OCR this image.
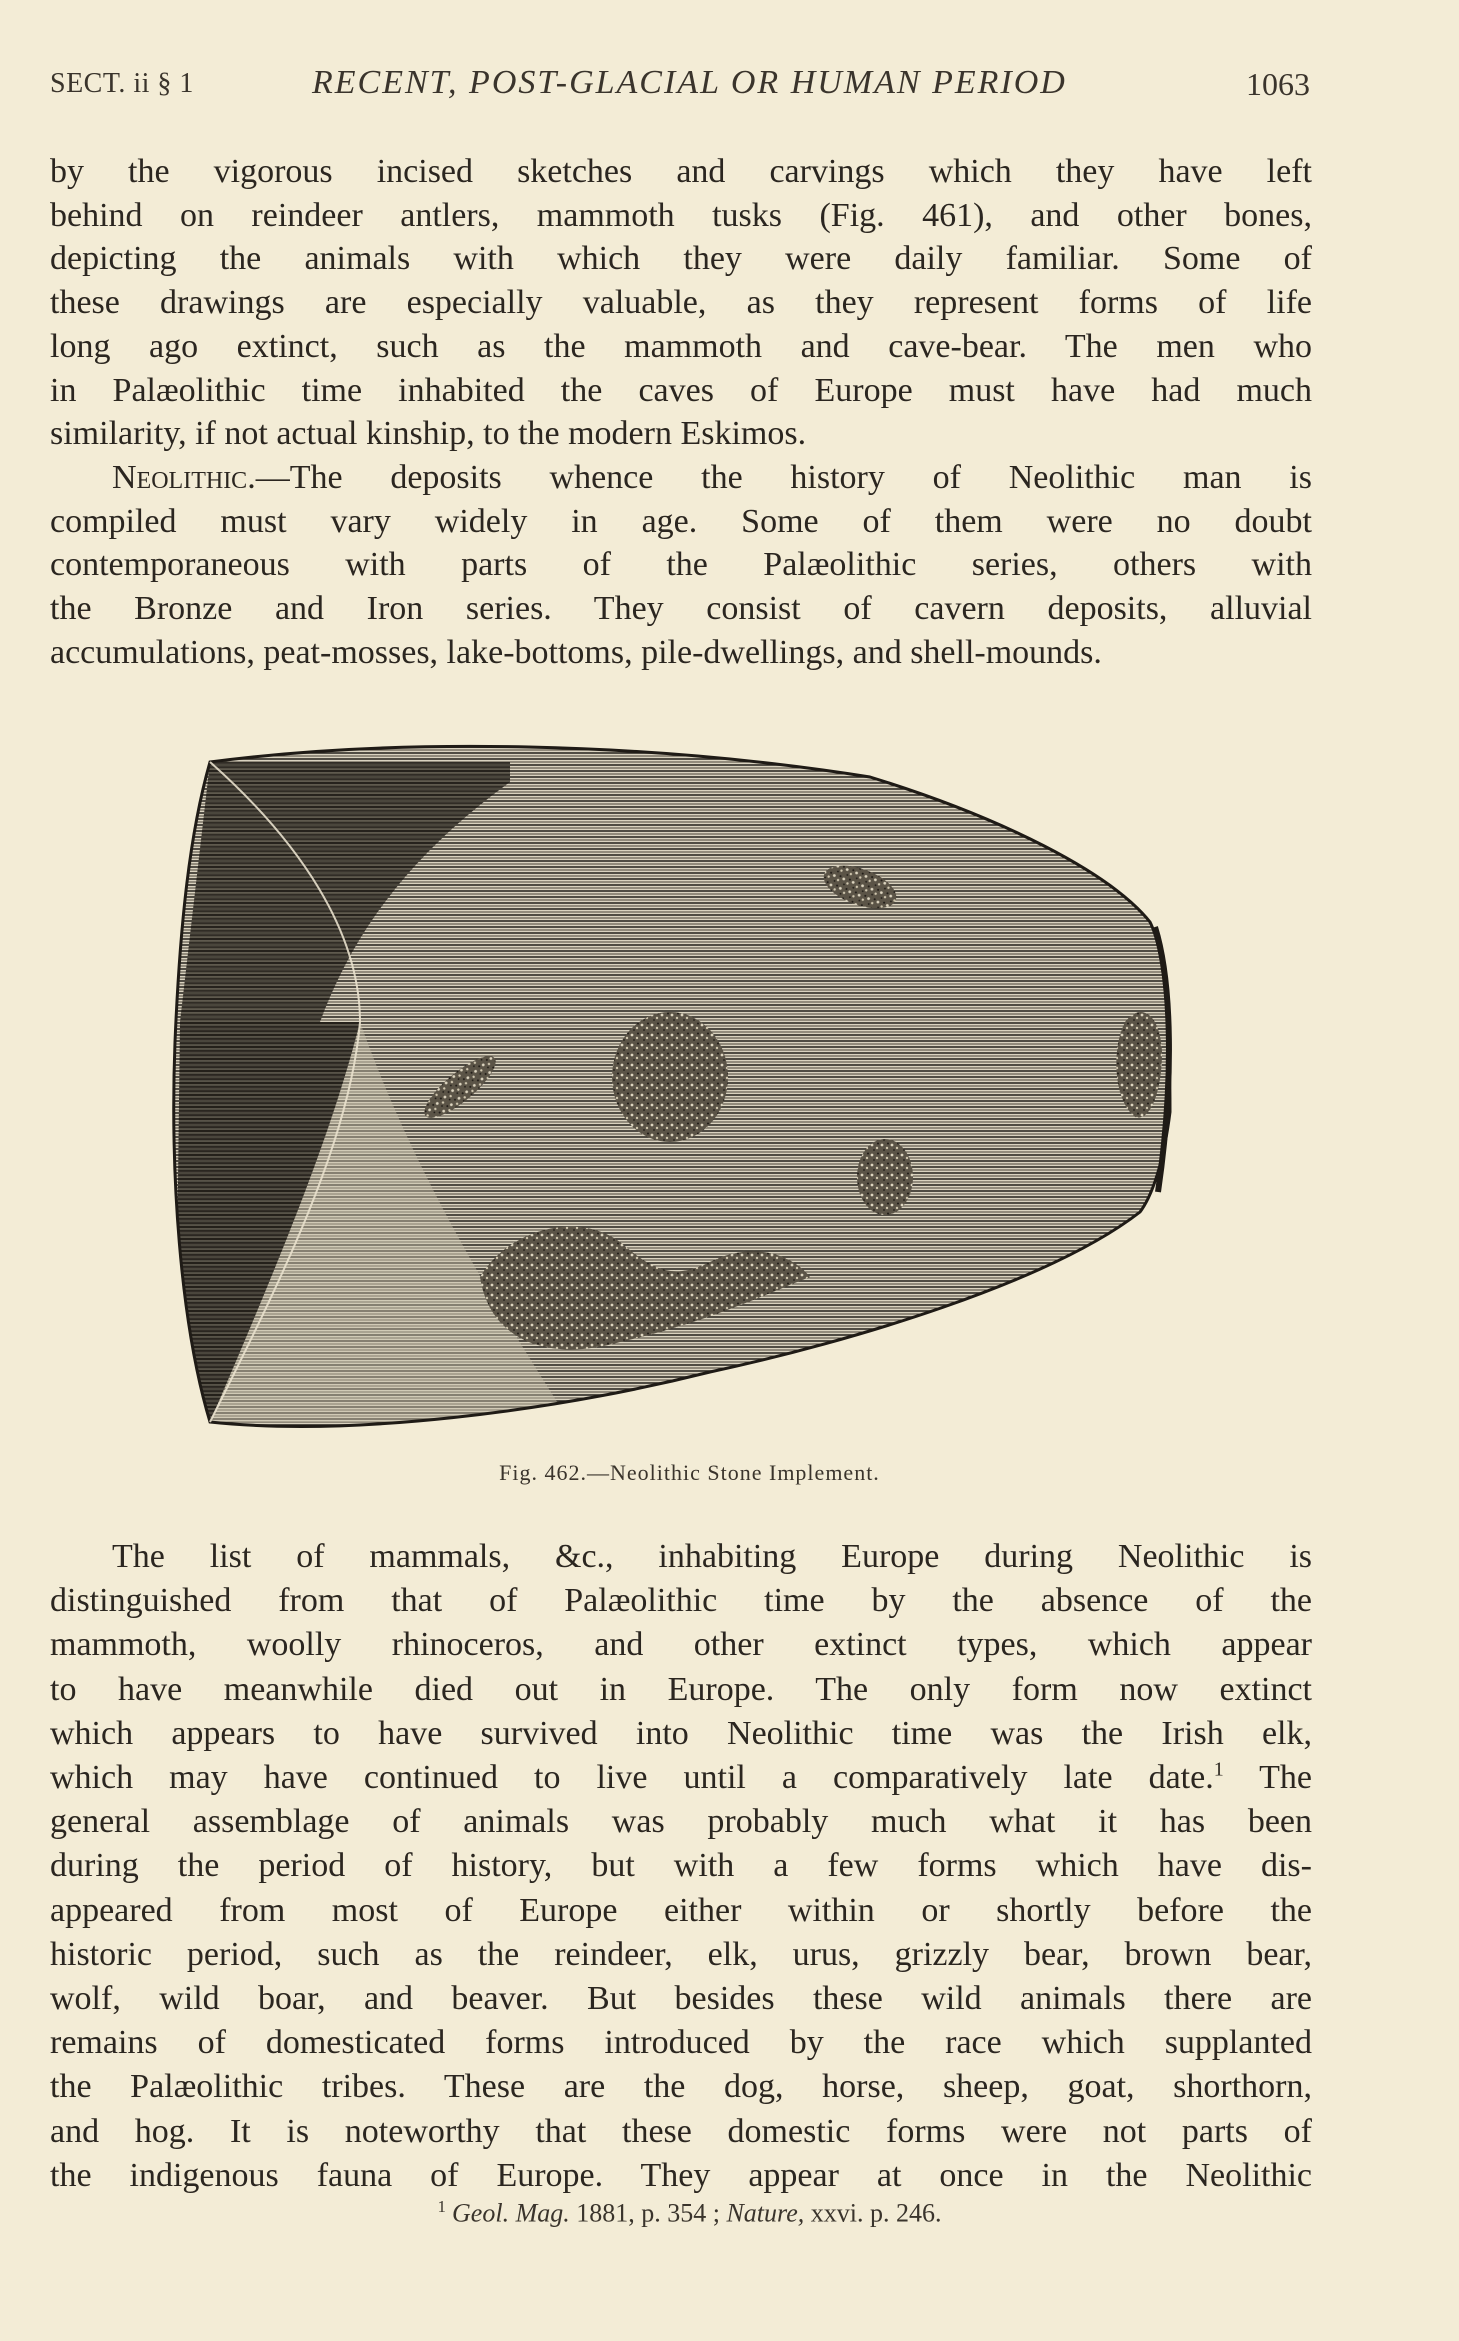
SECT. ii § 1	RECENT, POST-GLACIAL OR HUMAN PERIOD	1063
by the vigorous incised sketches and carvings which they have left
behind on reindeer antlers, mammoth tusks (Fig. 461), and other bones,
depicting the animals with which they were daily familiar. Some of
these drawings are especially valuable, as they represent forms of life
long ago extinct, such as the mammoth and cave-bear. The men who
in Palæolithic time inhabited the caves of Europe must have had much
similarity, if not actual kinship, to the modern Eskimos.
Neolithic.—The deposits whence the history of Neolithic man is
compiled must vary widely in age. Some of them were no doubt
contemporaneous with parts of the Palæolithic series, others with
the Bronze and Iron series. They consist of cavern deposits, alluvial
accumulations, peat-mosses, lake-bottoms, pile-dwellings, and shell-mounds.
Fig. 462.—Neolithic Stone Implement.
The list of mammals, &c., inhabiting Europe during Neolithic is
distinguished from that of Palæolithic time by the absence of the
mammoth, woolly rhinoceros, and other extinct types, which appear
to have meanwhile died out in Europe. The only form now extinct
which appears to have survived into Neolithic time was the Irish elk,
which may have continued to live until a comparatively late date.$^1$ The
general assemblage of animals was probably much what it has been
during the period of history, but with a few forms which have dis-
appeared from most of Europe either within or shortly before the
historic period, such as the reindeer, elk, urus, grizzly bear, brown bear,
wolf, wild boar, and beaver. But besides these wild animals there are
remains of domesticated forms introduced by the race which supplanted
the Palæolithic tribes. These are the dog, horse, sheep, goat, shorthorn,
and hog. It is noteworthy that these domestic forms were not parts of
the indigenous fauna of Europe. They appear at once in the Neolithic
$^1$ Geol. Mag. 1881, p. 354 ; Nature, xxvi. p. 246.
